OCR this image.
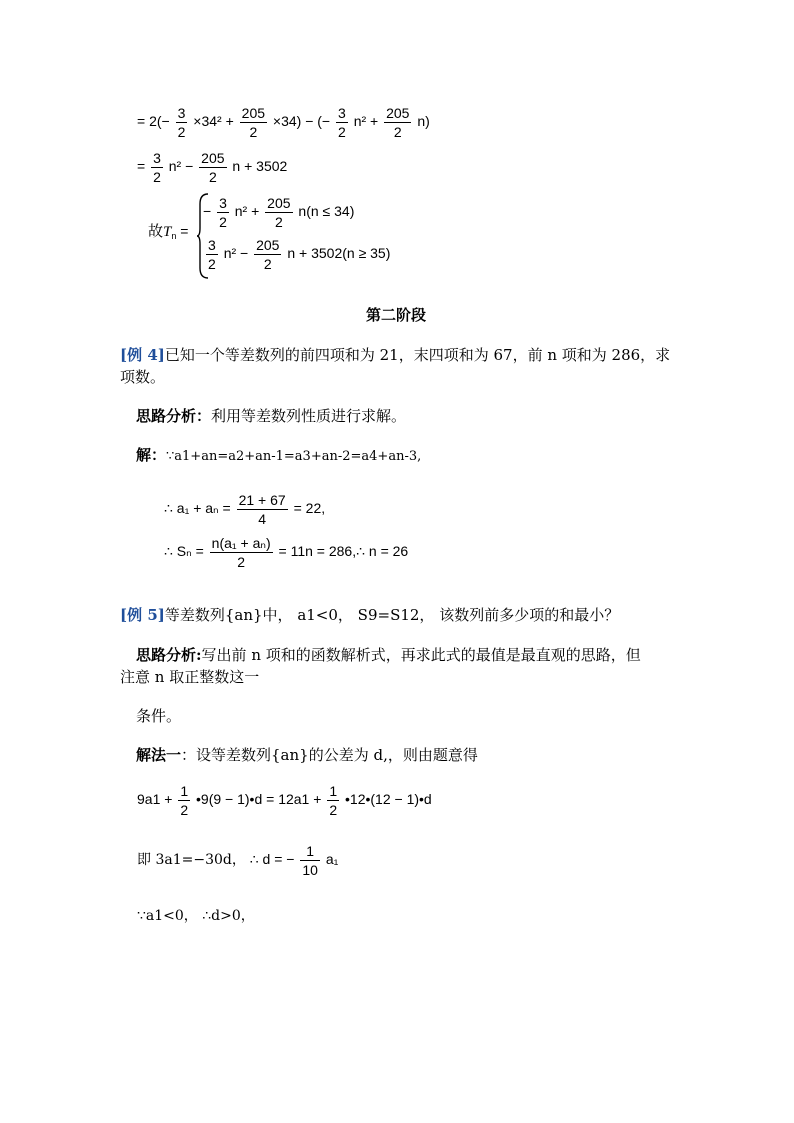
= $2(- \frac{3}{2} \times 34^2 + \frac{205}{2} \times 34)$ − (− $\frac{3}{2} n^2 + \frac{205}{2} n$)
= $\frac{3}{2} n^2 - \frac{205}{2}$ n + 3502
故$T_n$ =
− $\frac{3}{2} n^2 + \frac{205}{2} n(n \le 34)$
$\frac{3}{2} n^2 - \frac{205}{2}$ n + 3502(n ≥ 35)
第二阶段
[例 4]已知一个等差数列的前四项和为 21，末四项和为 67，前 n 项和为 286，求
项数。
思路分析：利用等差数列性质进行求解。
解：∵a1+an=a2+an-1=a3+an-2=a4+an-3,
∴ $a_1 + a_n = \frac{21 + 67}{4} = 22$,
∴ $S_n = \frac{\text{n(a₁ + aₙ)}}{2} = 11n$ = 286,∴ n = 26
[例 5]等差数列{an}中， a1<0， S9=S12， 该数列前多少项的和最小？
思路分析:写出前 n 项和的函数解析式，再求此式的最值是最直观的思路，但
注意 n 取正整数这一
条件。
解法一：设等差数列{an}的公差为 d,，则由题意得
$9a1 + \frac{1}{2}$ •9(9 − 1)•d = $12a1 + \frac{1}{2}$ •12•(12 − 1)•d
即 3a1=−30d， ∴ d = − $\frac{1}{10} a_1$
∵a1<0， ∴d>0，
